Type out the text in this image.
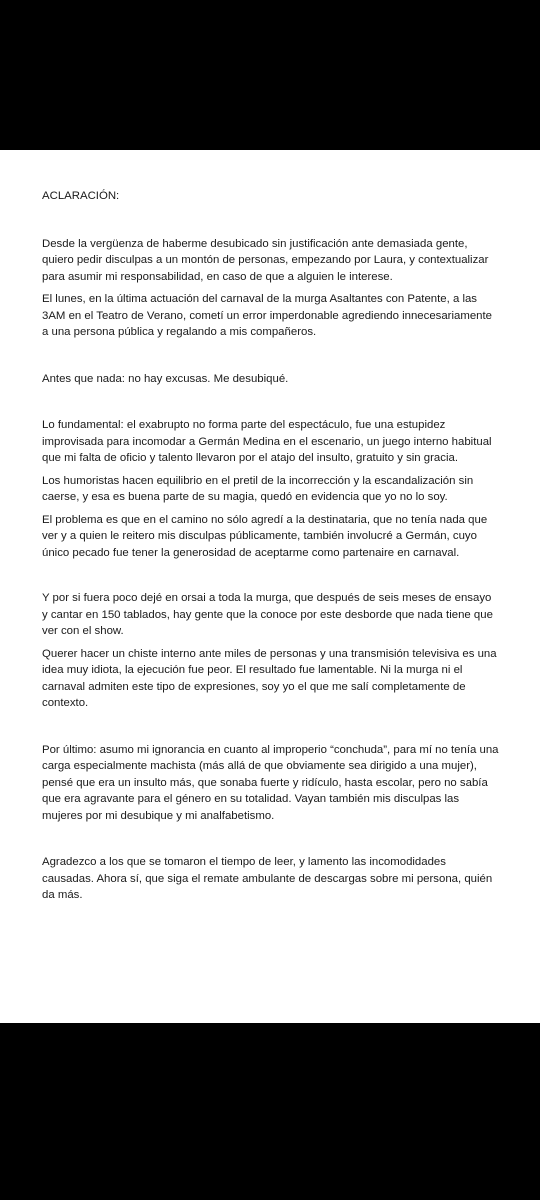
ACLARACIÓN:

Desde la vergüenza de haberme desubicado sin justificación ante demasiada gente, quiero pedir disculpas a un montón de personas, empezando por Laura, y contextualizar para asumir mi responsabilidad, en caso de que a alguien le interese.

El lunes, en la última actuación del carnaval de la murga Asaltantes con Patente, a las 3AM en el Teatro de Verano, cometí un error imperdonable agrediendo innecesariamente a una persona pública y regalando a mis compañeros.

Antes que nada: no hay excusas. Me desubiqué.

Lo fundamental: el exabrupto no forma parte del espectáculo, fue una estupidez improvisada para incomodar a Germán Medina en el escenario, un juego interno habitual que mi falta de oficio y talento llevaron por el atajo del insulto, gratuito y sin gracia.

Los humoristas hacen equilibrio en el pretil de la incorrección y la escandalización sin caerse, y esa es buena parte de su magia, quedó en evidencia que yo no lo soy.

El problema es que en el camino no sólo agredí a la destinataria, que no tenía nada que ver y a quien le reitero mis disculpas públicamente, también involucré a Germán, cuyo único pecado fue tener la generosidad de aceptarme como partenaire en carnaval.

Y por si fuera poco dejé en orsai a toda la murga, que después de seis meses de ensayo y cantar en 150 tablados, hay gente que la conoce por este desborde que nada tiene que ver con el show.

Querer hacer un chiste interno ante miles de personas y una transmisión televisiva es una idea muy idiota, la ejecución fue peor. El resultado fue lamentable. Ni la murga ni el carnaval admiten este tipo de expresiones, soy yo el que me salí completamente de contexto.

Por último: asumo mi ignorancia en cuanto al improperio “conchuda”, para mí no tenía una carga especialmente machista (más allá de que obviamente sea dirigido a una mujer), pensé que era un insulto más, que sonaba fuerte y ridículo, hasta escolar, pero no sabía que era agravante para el género en su totalidad. Vayan también mis disculpas las mujeres por mi desubique y mi analfabetismo.

Agradezco a los que se tomaron el tiempo de leer, y lamento las incomodidades causadas. Ahora sí, que siga el remate ambulante de descargas sobre mi persona, quién da más.
